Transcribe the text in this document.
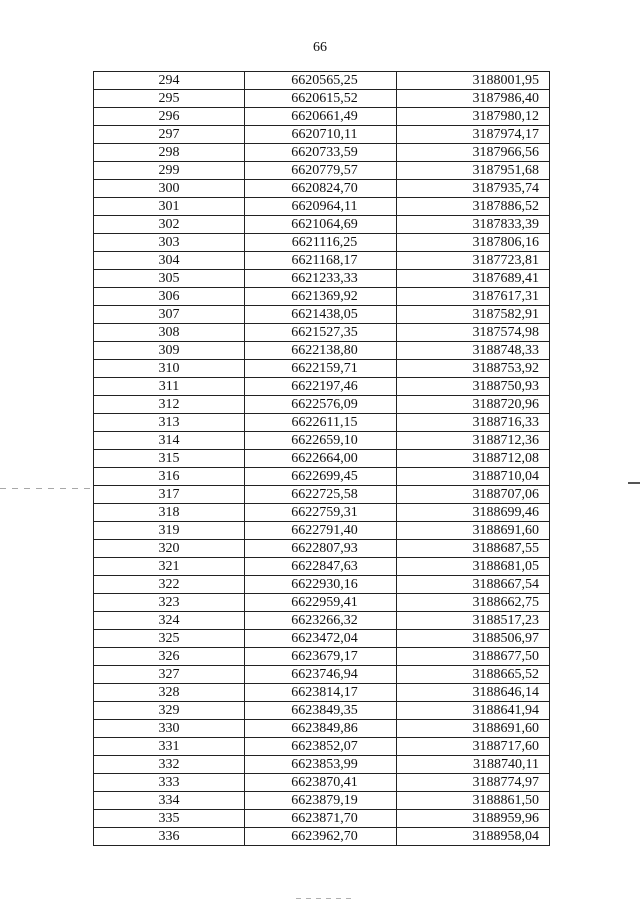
66
294	6620565,25	3188001,95
295	6620615,52	3187986,40
296	6620661,49	3187980,12
297	6620710,11	3187974,17
298	6620733,59	3187966,56
299	6620779,57	3187951,68
300	6620824,70	3187935,74
301	6620964,11	3187886,52
302	6621064,69	3187833,39
303	6621116,25	3187806,16
304	6621168,17	3187723,81
305	6621233,33	3187689,41
306	6621369,92	3187617,31
307	6621438,05	3187582,91
308	6621527,35	3187574,98
309	6622138,80	3188748,33
310	6622159,71	3188753,92
311	6622197,46	3188750,93
312	6622576,09	3188720,96
313	6622611,15	3188716,33
314	6622659,10	3188712,36
315	6622664,00	3188712,08
316	6622699,45	3188710,04
317	6622725,58	3188707,06
318	6622759,31	3188699,46
319	6622791,40	3188691,60
320	6622807,93	3188687,55
321	6622847,63	3188681,05
322	6622930,16	3188667,54
323	6622959,41	3188662,75
324	6623266,32	3188517,23
325	6623472,04	3188506,97
326	6623679,17	3188677,50
327	6623746,94	3188665,52
328	6623814,17	3188646,14
329	6623849,35	3188641,94
330	6623849,86	3188691,60
331	6623852,07	3188717,60
332	6623853,99	3188740,11
333	6623870,41	3188774,97
334	6623879,19	3188861,50
335	6623871,70	3188959,96
336	6623962,70	3188958,04
